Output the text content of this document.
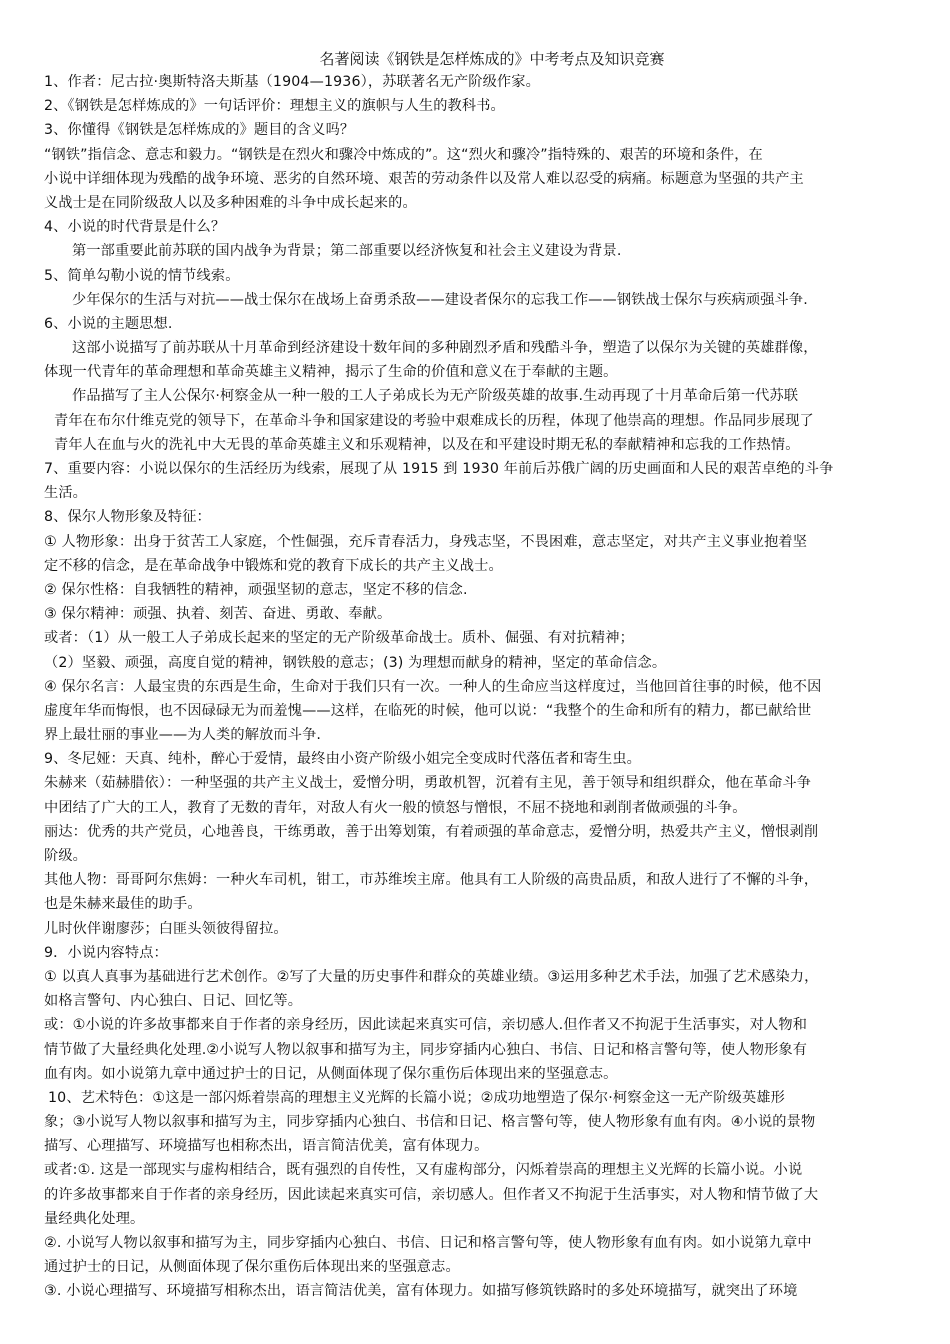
名著阅读《钢铁是怎样炼成的》中考考点及知识竞赛
1、作者：尼古拉·奥斯特洛夫斯基（1904—1936），苏联著名无产阶级作家。
2、《钢铁是怎样炼成的》一句话评价：理想主义的旗帜与人生的教科书。
3、你懂得《钢铁是怎样炼成的》题目的含义吗？
“钢铁”指信念、意志和毅力。“钢铁是在烈火和骤冷中炼成的”。这“烈火和骤冷”指特殊的、艰苦的环境和条件，在
小说中详细体现为残酷的战争环境、恶劣的自然环境、艰苦的劳动条件以及常人难以忍受的病痛。标题意为坚强的共产主
义战士是在同阶级敌人以及多种困难的斗争中成长起来的。
4、小说的时代背景是什么？
第一部重要此前苏联的国内战争为背景；第二部重要以经济恢复和社会主义建设为背景.
5、简单勾勒小说的情节线索。
少年保尔的生活与对抗——战士保尔在战场上奋勇杀敌——建设者保尔的忘我工作——钢铁战士保尔与疾病顽强斗争.
6、小说的主题思想.
这部小说描写了前苏联从十月革命到经济建设十数年间的多种剧烈矛盾和残酷斗争，塑造了以保尔为关键的英雄群像，
体现一代青年的革命理想和革命英雄主义精神，揭示了生命的价值和意义在于奉献的主题。
作品描写了主人公保尔·柯察金从一种一般的工人子弟成长为无产阶级英雄的故事.生动再现了十月革命后第一代苏联
青年在布尔什维克党的领导下，在革命斗争和国家建设的考验中艰难成长的历程，体现了他崇高的理想。作品同步展现了
青年人在血与火的洗礼中大无畏的革命英雄主义和乐观精神，以及在和平建设时期无私的奉献精神和忘我的工作热情。
7、重要内容：小说以保尔的生活经历为线索，展现了从 1915 到 1930 年前后苏俄广阔的历史画面和人民的艰苦卓绝的斗争
生活。
8、保尔人物形象及特征：
① 人物形象：出身于贫苦工人家庭，个性倔强，充斥青春活力，身残志坚，不畏困难，意志坚定，对共产主义事业抱着坚
定不移的信念，是在革命战争中锻炼和党的教育下成长的共产主义战士。
② 保尔性格：自我牺牲的精神，顽强坚韧的意志，坚定不移的信念.
③ 保尔精神：顽强、执着、刻苦、奋进、勇敢、奉献。
或者：（1）从一般工人子弟成长起来的坚定的无产阶级革命战士。质朴、倔强、有对抗精神；
（2）坚毅、顽强，高度自觉的精神，钢铁般的意志；(3) 为理想而献身的精神，坚定的革命信念。
④ 保尔名言：人最宝贵的东西是生命，生命对于我们只有一次。一种人的生命应当这样度过，当他回首往事的时候，他不因
虚度年华而悔恨，也不因碌碌无为而羞愧——这样，在临死的时候，他可以说：“我整个的生命和所有的精力，都已献给世
界上最壮丽的事业——为人类的解放而斗争.
9、冬尼娅：天真、纯朴，醉心于爱情，最终由小资产阶级小姐完全变成时代落伍者和寄生虫。
朱赫来（茹赫腊依）：一种坚强的共产主义战士，爱憎分明，勇敢机智，沉着有主见，善于领导和组织群众，他在革命斗争
中团结了广大的工人，教育了无数的青年，对敌人有火一般的愤怒与憎恨，不屈不挠地和剥削者做顽强的斗争。
丽达：优秀的共产党员，心地善良，干练勇敢，善于出筹划策，有着顽强的革命意志，爱憎分明，热爱共产主义，憎恨剥削
阶级。
其他人物：哥哥阿尔焦姆：一种火车司机，钳工，市苏维埃主席。他具有工人阶级的高贵品质，和敌人进行了不懈的斗争，
也是朱赫来最佳的助手。
儿时伙伴谢廖莎；白匪头领彼得留拉。
9．小说内容特点：
① 以真人真事为基础进行艺术创作。②写了大量的历史事件和群众的英雄业绩。③运用多种艺术手法，加强了艺术感染力，
如格言警句、内心独白、日记、回忆等。
或：①小说的许多故事都来自于作者的亲身经历，因此读起来真实可信，亲切感人.但作者又不拘泥于生活事实，对人物和
情节做了大量经典化处理.②小说写人物以叙事和描写为主，同步穿插内心独白、书信、日记和格言警句等，使人物形象有
血有肉。如小说第九章中通过护士的日记，从侧面体现了保尔重伤后体现出来的坚强意志。
10、艺术特色：①这是一部闪烁着崇高的理想主义光辉的长篇小说；②成功地塑造了保尔·柯察金这一无产阶级英雄形
象；③小说写人物以叙事和描写为主，同步穿插内心独白、书信和日记、格言警句等，使人物形象有血有肉。④小说的景物
描写、心理描写、环境描写也相称杰出，语言简洁优美，富有体现力。
或者:①. 这是一部现实与虚构相结合，既有强烈的自传性，又有虚构部分，闪烁着崇高的理想主义光辉的长篇小说。小说
的许多故事都来自于作者的亲身经历，因此读起来真实可信，亲切感人。但作者又不拘泥于生活事实，对人物和情节做了大
量经典化处理。
②. 小说写人物以叙事和描写为主，同步穿插内心独白、书信、日记和格言警句等，使人物形象有血有肉。如小说第九章中
通过护士的日记，从侧面体现了保尔重伤后体现出来的坚强意志。
③. 小说心理描写、环境描写相称杰出，语言简洁优美，富有体现力。如描写修筑铁路时的多处环境描写，就突出了环境
